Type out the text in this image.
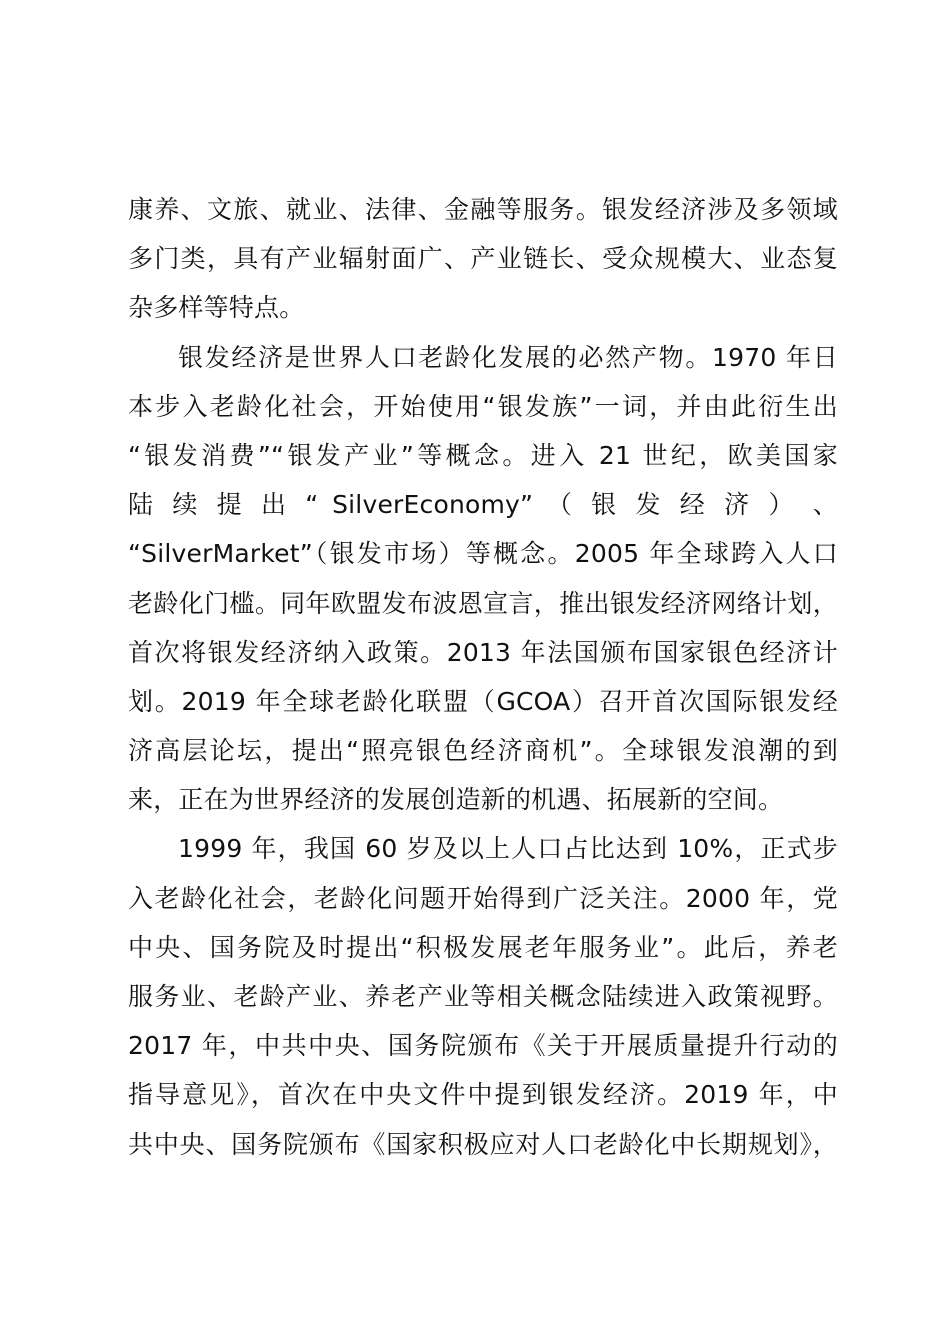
康养、文旅、就业、法律、金融等服务。银发经济涉及多领域
多门类，具有产业辐射面广、产业链长、受众规模大、业态复
杂多样等特点。
银发经济是世界人口老龄化发展的必然产物。1970 年日
本步入老龄化社会，开始使用“银发族”一词，并由此衍生出
“银发消费”“银发产业”等概念。进入 21 世纪，欧美国家
陆 续 提 出 “ SilverEconomy” （ 银 发 经 济 ） 、
“SilverMarket”（银发市场）等概念。2005 年全球跨入人口
老龄化门槛。同年欧盟发布波恩宣言，推出银发经济网络计划，
首次将银发经济纳入政策。2013 年法国颁布国家银色经济计
划。2019 年全球老龄化联盟（GCOA）召开首次国际银发经
济高层论坛，提出“照亮银色经济商机”。全球银发浪潮的到
来，正在为世界经济的发展创造新的机遇、拓展新的空间。
1999 年，我国 60 岁及以上人口占比达到 10%，正式步
入老龄化社会，老龄化问题开始得到广泛关注。2000 年，党
中央、国务院及时提出“积极发展老年服务业”。此后，养老
服务业、老龄产业、养老产业等相关概念陆续进入政策视野。
2017 年，中共中央、国务院颁布《关于开展质量提升行动的
指导意见》，首次在中央文件中提到银发经济。2019 年，中
共中央、国务院颁布《国家积极应对人口老龄化中长期规划》，
